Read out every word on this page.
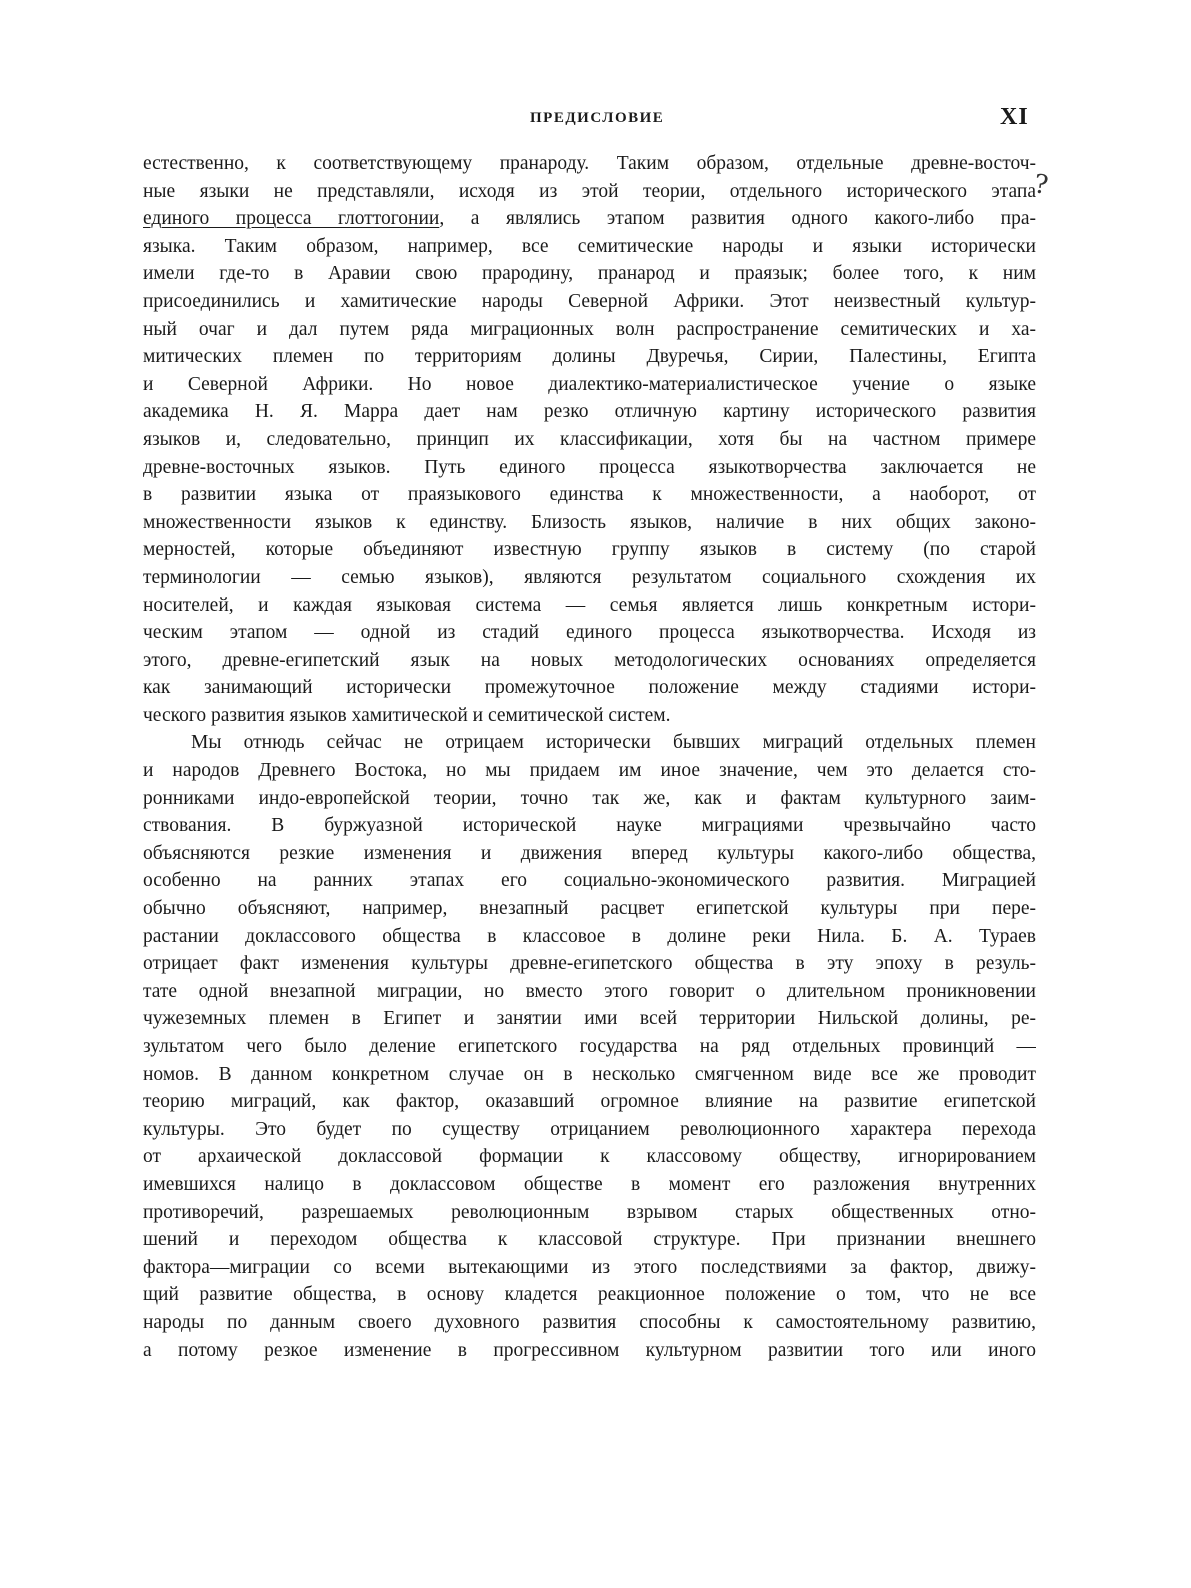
ПРЕДИСЛОВИЕ	XI
?
естественно, к соответствующему пранароду. Таким образом, отдельные древне-восточ-
ные языки не представляли, исходя из этой теории, отдельного исторического этапа
единого процесса глоттогонии, а являлись этапом развития одного какого-либо пра-
языка. Таким образом, например, все семитические народы и языки исторически
имели где-то в Аравии свою прародину, пранарод и праязык; более того, к ним
присоединились и хамитические народы Северной Африки. Этот неизвестный культур-
ный очаг и дал путем ряда миграционных волн распространение семитических и ха-
митических племен по территориям долины Двуречья, Сирии, Палестины, Египта
и Северной Африки. Но новое диалектико-материалистическое учение о языке
академика Н. Я. Марра дает нам резко отличную картину исторического развития
языков и, следовательно, принцип их классификации, хотя бы на частном примере
древне-восточных языков. Путь единого процесса языкотворчества заключается не
в развитии языка от праязыкового единства к множественности, а наоборот, от
множественности языков к единству. Близость языков, наличие в них общих законо-
мерностей, которые объединяют известную группу языков в систему (по старой
терминологии — семью языков), являются результатом социального схождения их
носителей, и каждая языковая система — семья является лишь конкретным истори-
ческим этапом — одной из стадий единого процесса языкотворчества. Исходя из
этого, древне-египетский язык на новых методологических основаниях определяется
как занимающий исторически промежуточное положение между стадиями истори-
ческого развития языков хамитической и семитической систем.
Мы отнюдь сейчас не отрицаем исторически бывших миграций отдельных племен
и народов Древнего Востока, но мы придаем им иное значение, чем это делается сто-
ронниками индо-европейской теории, точно так же, как и фактам культурного заим-
ствования. В буржуазной исторической науке миграциями чрезвычайно часто
объясняются резкие изменения и движения вперед культуры какого-либо общества,
особенно на ранних этапах его социально-экономического развития. Миграцией
обычно объясняют, например, внезапный расцвет египетской культуры при пере-
растании доклассового общества в классовое в долине реки Нила. Б. А. Тураев
отрицает факт изменения культуры древне-египетского общества в эту эпоху в резуль-
тате одной внезапной миграции, но вместо этого говорит о длительном проникновении
чужеземных племен в Египет и занятии ими всей территории Нильской долины, ре-
зультатом чего было деление египетского государства на ряд отдельных провинций —
номов. В данном конкретном случае он в несколько смягченном виде все же проводит
теорию миграций, как фактор, оказавший огромное влияние на развитие египетской
культуры. Это будет по существу отрицанием революционного характера перехода
от архаической доклассовой формации к классовому обществу, игнорированием
имевшихся налицо в доклассовом обществе в момент его разложения внутренних
противоречий, разрешаемых революционным взрывом старых общественных отно-
шений и переходом общества к классовой структуре. При признании внешнего
фактора—миграции со всеми вытекающими из этого последствиями за фактор, движу-
щий развитие общества, в основу кладется реакционное положение о том, что не все
народы по данным своего духовного развития способны к самостоятельному развитию,
а потому резкое изменение в прогрессивном культурном развитии того или иного
